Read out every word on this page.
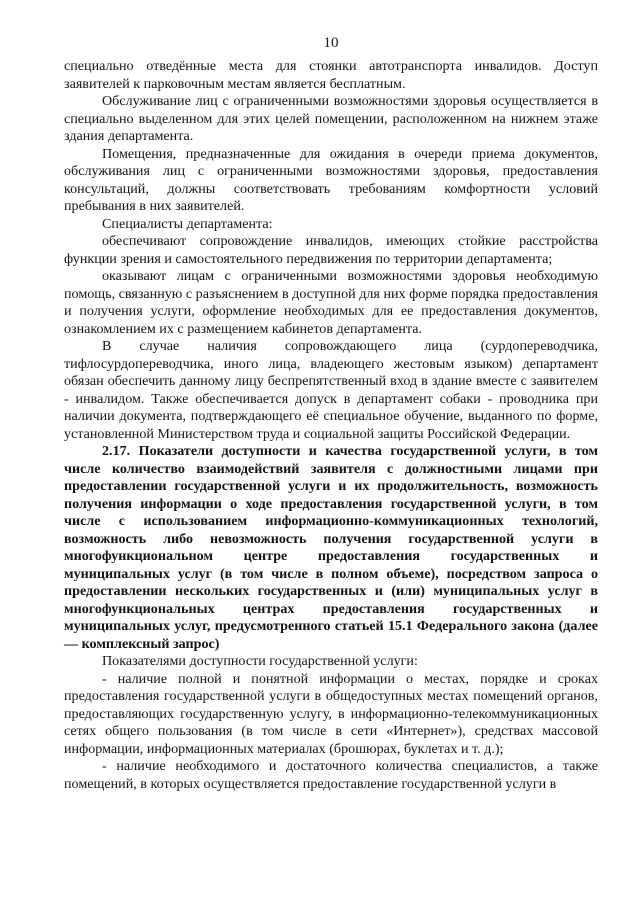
10

специально отведённые места для стоянки автотранспорта инвалидов. Доступ заявителей к парковочным местам является бесплатным.

Обслуживание лиц с ограниченными возможностями здоровья осуществляется в специально выделенном для этих целей помещении, расположенном на нижнем этаже здания департамента.

Помещения, предназначенные для ожидания в очереди приема документов, обслуживания лиц с ограниченными возможностями здоровья, предоставления консультаций, должны соответствовать требованиям комфортности условий пребывания в них заявителей.

Специалисты департамента:

обеспечивают сопровождение инвалидов, имеющих стойкие расстройства функции зрения и самостоятельного передвижения по территории департамента;

оказывают лицам с ограниченными возможностями здоровья необходимую помощь, связанную с разъяснением в доступной для них форме порядка предоставления и получения услуги, оформление необходимых для ее предоставления документов, ознакомлением их с размещением кабинетов департамента.

В случае наличия сопровождающего лица (сурдопереводчика, тифлосурдопереводчика, иного лица, владеющего жестовым языком) департамент обязан обеспечить данному лицу беспрепятственный вход в здание вместе с заявителем - инвалидом. Также обеспечивается допуск в департамент собаки - проводника при наличии документа, подтверждающего её специальное обучение, выданного по форме, установленной Министерством труда и социальной защиты Российской Федерации.

2.17. Показатели доступности и качества государственной услуги, в том числе количество взаимодействий заявителя с должностными лицами при предоставлении государственной услуги и их продолжительность, возможность получения информации о ходе предоставления государственной услуги, в том числе с использованием информационно-коммуникационных технологий, возможность либо невозможность получения государственной услуги в многофункциональном центре предоставления государственных и муниципальных услуг (в том числе в полном объеме), посредством запроса о предоставлении нескольких государственных и (или) муниципальных услуг в многофункциональных центрах предоставления государственных и муниципальных услуг, предусмотренного статьей 15.1 Федерального закона (далее — комплексный запрос)

Показателями доступности государственной услуги:

- наличие полной и понятной информации о местах, порядке и сроках предоставления государственной услуги в общедоступных местах помещений органов, предоставляющих государственную услугу, в информационно-телекоммуникационных сетях общего пользования (в том числе в сети «Интернет»), средствах массовой информации, информационных материалах (брошюрах, буклетах и т. д.);

- наличие необходимого и достаточного количества специалистов, а также помещений, в которых осуществляется предоставление государственной услуги в
